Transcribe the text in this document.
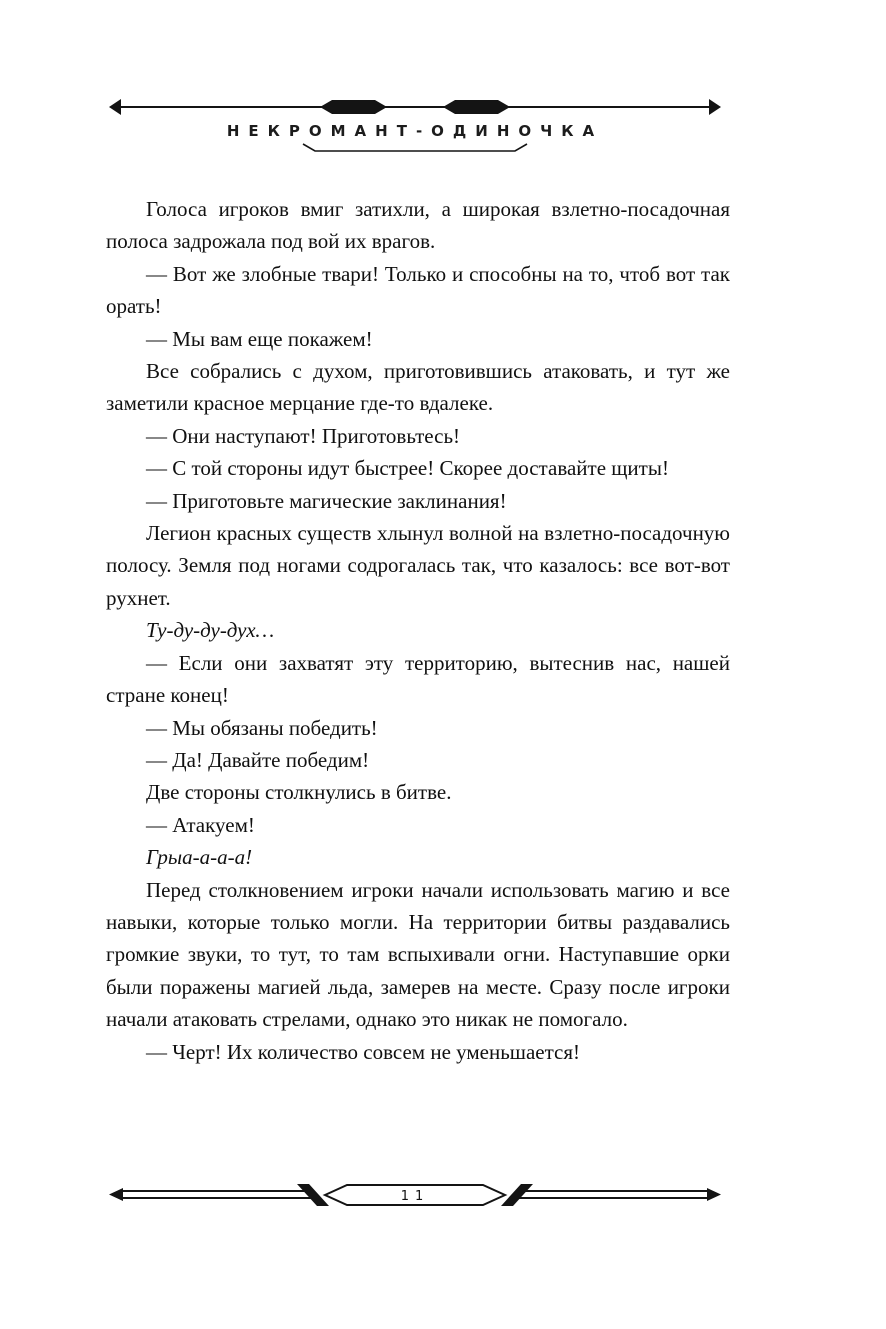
НЕКРОМАНТ-ОДИНОЧКА

Голоса игроков вмиг затихли, а широкая взлетно-посадочная полоса задрожала под вой их врагов.

— Вот же злобные твари! Только и способны на то, чтоб вот так орать!

— Мы вам еще покажем!

Все собрались с духом, приготовившись атаковать, и тут же заметили красное мерцание где-то вдалеке.

— Они наступают! Приготовьтесь!

— С той стороны идут быстрее! Скорее доставайте щиты!

— Приготовьте магические заклинания!

Легион красных существ хлынул волной на взлетно-посадочную полосу. Земля под ногами содрогалась так, что казалось: все вот-вот рухнет.

Ту-ду-ду-дух…

— Если они захватят эту территорию, вытеснив нас, нашей стране конец!

— Мы обязаны победить!

— Да! Давайте победим!

Две стороны столкнулись в битве.

— Атакуем!

Грыа-а-а-а!

Перед столкновением игроки начали использовать магию и все навыки, которые только могли. На территории битвы раздавались громкие звуки, то тут, то там вспыхивали огни. Наступавшие орки были поражены магией льда, замерев на месте. Сразу после игроки начали атаковать стрелами, однако это никак не помогало.

— Черт! Их количество совсем не уменьшается!

11
